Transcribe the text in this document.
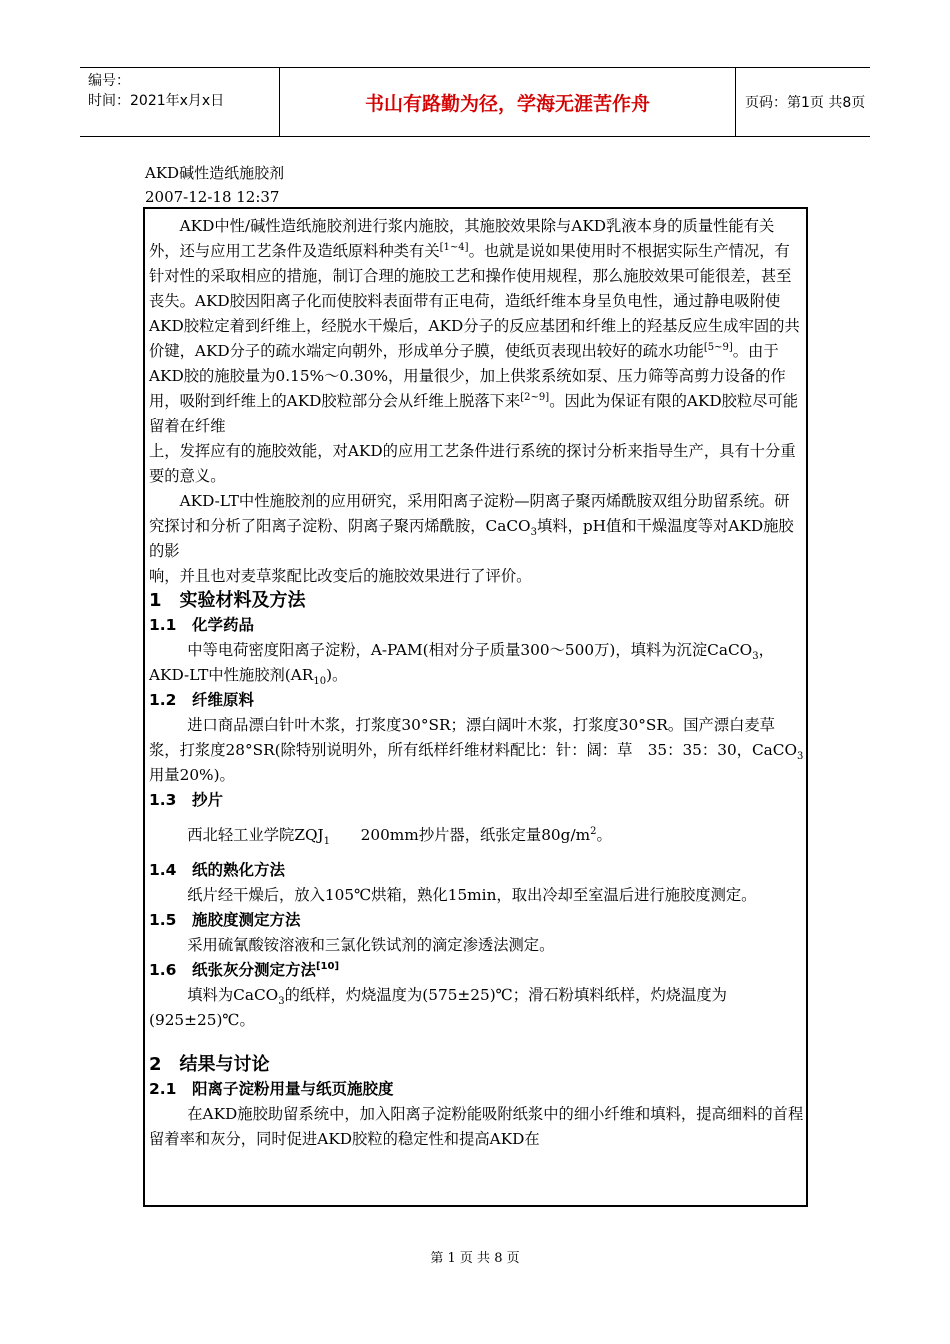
编号：
时间：2021年x月x日	书山有路勤为径，学海无涯苦作舟	页码：第1页 共8页
AKD碱性造纸施胶剂
2007-12-18 12:37

AKD中性/碱性造纸施胶剂进行浆内施胶，其施胶效果除与AKD乳液本身的质量性能有关外，还与应用工艺条件及造纸原料种类有关[1~4]。也就是说如果使用时不根据实际生产情况，有针对性的采取相应的措施，制订合理的施胶工艺和操作使用规程，那么施胶效果可能很差，甚至丧失。AKD胶因阳离子化而使胶料表面带有正电荷，造纸纤维本身呈负电性，通过静电吸附使AKD胶粒定着到纤维上，经脱水干燥后，AKD分子的反应基团和纤维上的羟基反应生成牢固的共价键，AKD分子的疏水端定向朝外，形成单分子膜，使纸页表现出较好的疏水功能[5~9]。由于AKD胶的施胶量为0.15%～0.30%，用量很少，加上供浆系统如泵、压力筛等高剪力设备的作用，吸附到纤维上的AKD胶粒部分会从纤维上脱落下来[2~9]。因此为保证有限的AKD胶粒尽可能留着在纤维

上，发挥应有的施胶效能，对AKD的应用工艺条件进行系统的探讨分析来指导生产，具有十分重要的意义。

AKD-LT中性施胶剂的应用研究，采用阳离子淀粉—阴离子聚丙烯酰胺双组分助留系统。研究探讨和分析了阳离子淀粉、阴离子聚丙烯酰胺，CaCO$_3$填料，pH值和干燥温度等对AKD施胶的影

响，并且也对麦草浆配比改变后的施胶效果进行了评价。

1　实验材料及方法

1.1　化学药品

中等电荷密度阳离子淀粉，A-PAM(相对分子质量300～500万)，填料为沉淀CaCO$_3$，AKD-LT中性施胶剂$(AR_{10})$。

1.2　纤维原料

进口商品漂白针叶木浆，打浆度30°SR；漂白阔叶木浆，打浆度30°SR。国产漂白麦草浆，打浆度28°SR(除特别说明外，所有纸样纤维材料配比：针：阔：草　35：35：30，CaCO$_3$用量20%)。

1.3　抄片

西北轻工业学院$ZQJ_1$　　200mm抄片器，纸张定量$80g/m^2$。

1.4　纸的熟化方法

纸片经干燥后，放入105℃烘箱，熟化15min，取出冷却至室温后进行施胶度测定。

1.5　施胶度测定方法

采用硫氰酸铵溶液和三氯化铁试剂的滴定渗透法测定。

1.6　纸张灰分测定方法[10]

填料为CaCO$_3$的纸样，灼烧温度为(575±25)℃；滑石粉填料纸样，灼烧温度为(925±25)℃。

2　结果与讨论

2.1　阳离子淀粉用量与纸页施胶度

在AKD施胶助留系统中，加入阳离子淀粉能吸附纸浆中的细小纤维和填料，提高细料的首程留着率和灰分，同时促进AKD胶粒的稳定性和提高AKD在

第 1 页 共 8 页
